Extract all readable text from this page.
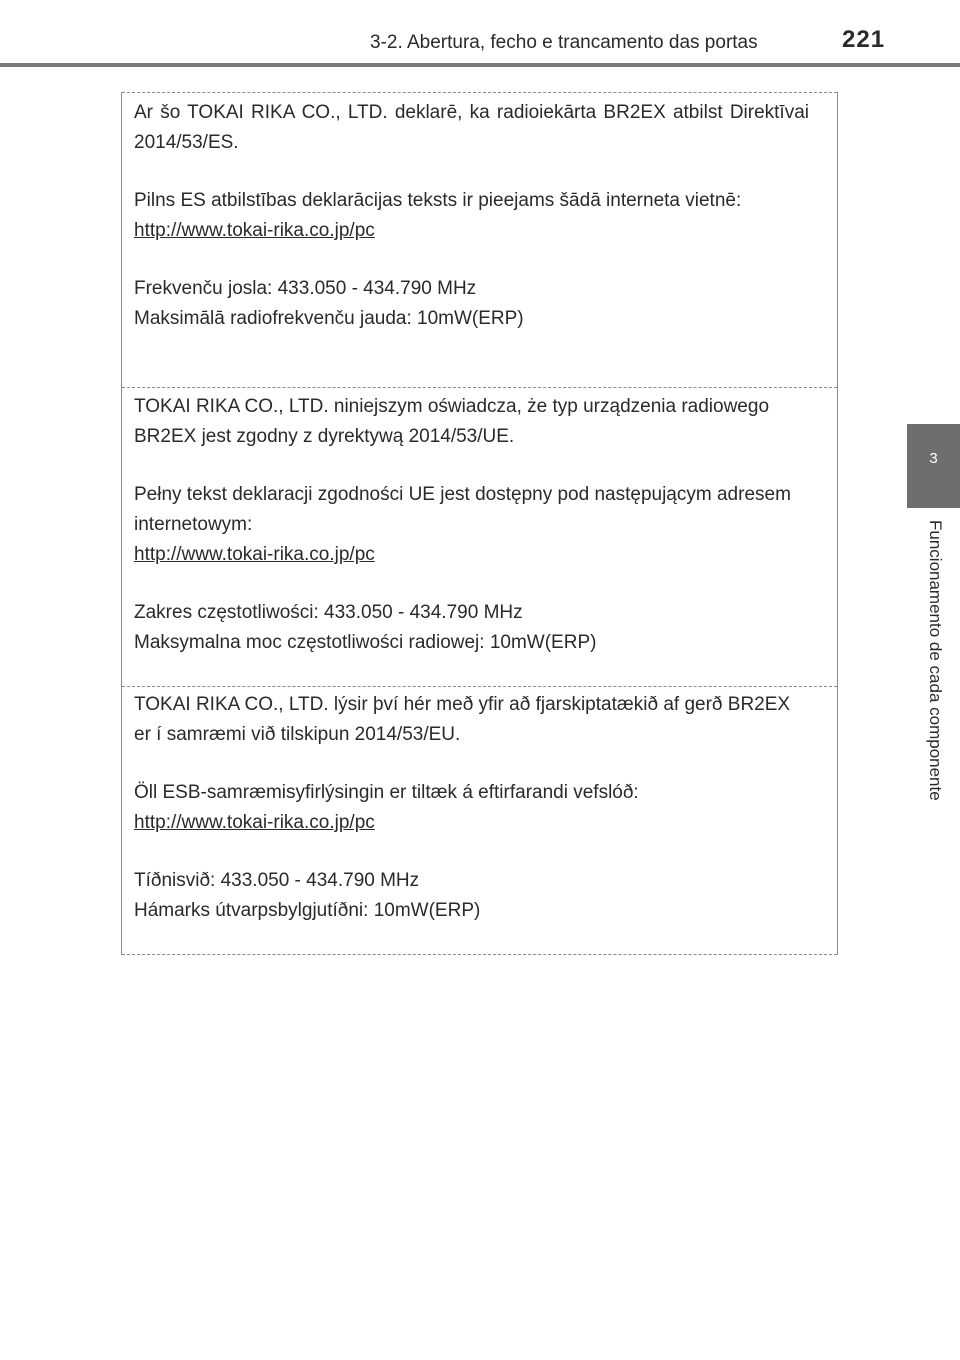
3-2. Abertura, fecho e trancamento das portas	221
3
Funcionamento de cada componente

Ar šo TOKAI RIKA CO., LTD. deklarē, ka radioiekārta BR2EX atbilst Direktīvai 2014/53/ES.

Pilns ES atbilstības deklarācijas teksts ir pieejams šādā interneta vietnē:

http://www.tokai-rika.co.jp/pc

Frekvenču josla: 433.050 - 434.790 MHz

Maksimālā radiofrekvenču jauda: 10mW(ERP)

TOKAI RIKA CO., LTD. niniejszym oświadcza, że typ urządzenia radiowego BR2EX jest zgodny z dyrektywą 2014/53/UE.

Pełny tekst deklaracji zgodności UE jest dostępny pod następującym adresem internetowym:

http://www.tokai-rika.co.jp/pc

Zakres częstotliwości: 433.050 - 434.790 MHz

Maksymalna moc częstotliwości radiowej: 10mW(ERP)

TOKAI RIKA CO., LTD. lýsir því hér með yfir að fjarskiptatækið af gerð BR2EX er í samræmi við tilskipun 2014/53/EU.

Öll ESB-samræmisyfirlýsingin er tiltæk á eftirfarandi vefslóð:

http://www.tokai-rika.co.jp/pc

Tíðnisvið: 433.050 - 434.790 MHz

Hámarks útvarpsbylgjutíðni: 10mW(ERP)
